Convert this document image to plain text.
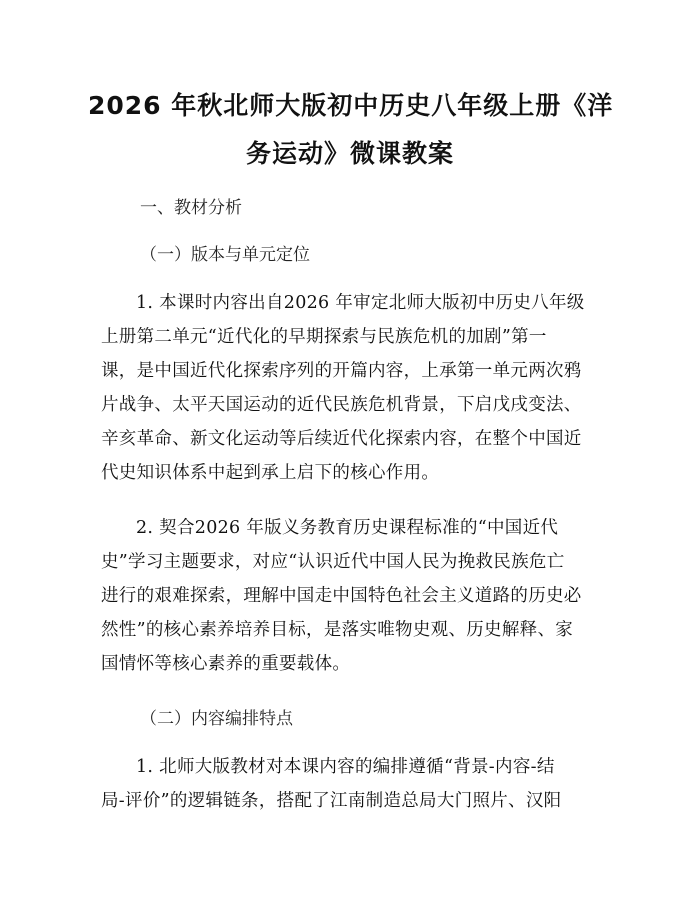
2026 年秋北师大版初中历史八年级上册《洋
务运动》微课教案
一、教材分析
（一）版本与单元定位
1. 本课时内容出自2026 年审定北师大版初中历史八年级
上册第二单元“近代化的早期探索与民族危机的加剧”第一
课，是中国近代化探索序列的开篇内容，上承第一单元两次鸦
片战争、太平天国运动的近代民族危机背景，下启戊戌变法、
辛亥革命、新文化运动等后续近代化探索内容，在整个中国近
代史知识体系中起到承上启下的核心作用。
2. 契合2026 年版义务教育历史课程标准的“中国近代
史”学习主题要求，对应“认识近代中国人民为挽救民族危亡
进行的艰难探索，理解中国走中国特色社会主义道路的历史必
然性”的核心素养培养目标，是落实唯物史观、历史解释、家
国情怀等核心素养的重要载体。
（二）内容编排特点
1. 北师大版教材对本课内容的编排遵循“背景-内容-结
局-评价”的逻辑链条，搭配了江南制造总局大门照片、汉阳
